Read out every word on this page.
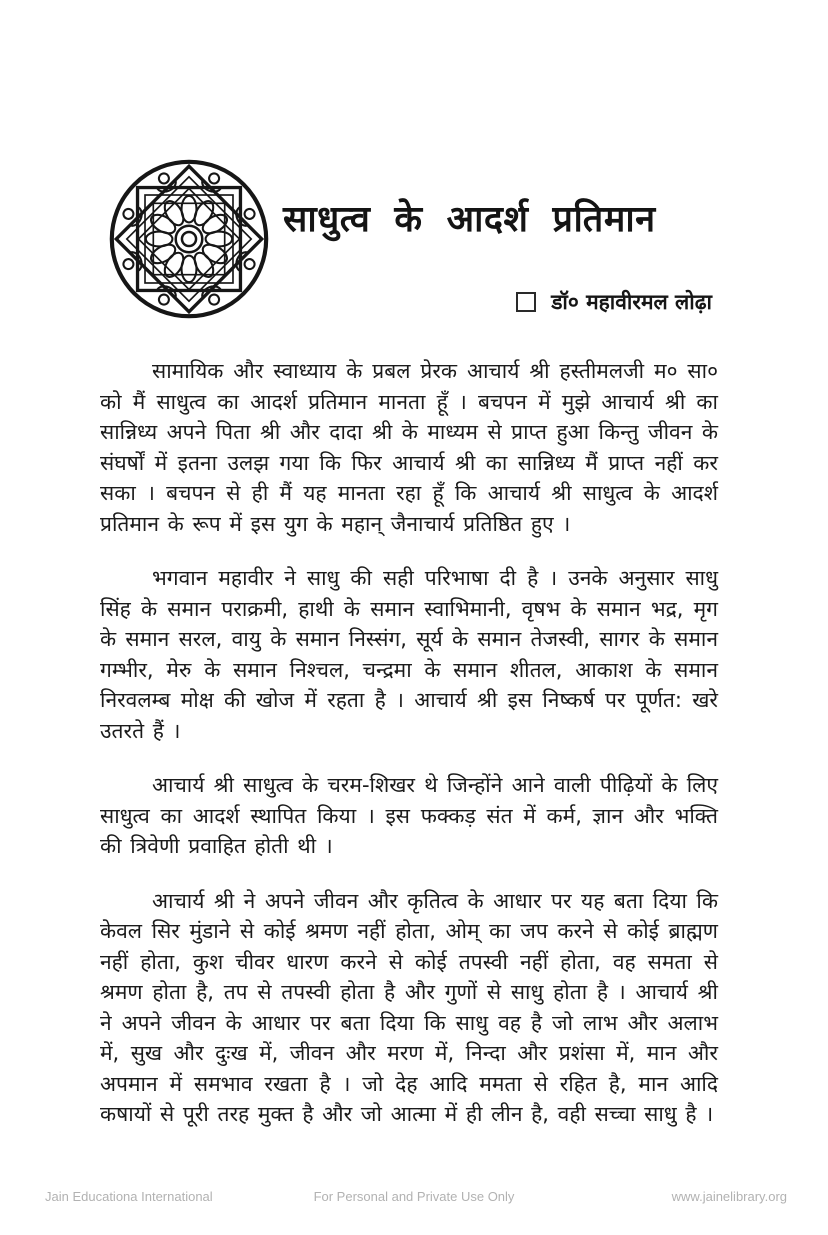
साधुत्व के आदर्श प्रतिमान
डॉ० महावीरमल लोढ़ा

सामायिक और स्वाध्याय के प्रबल प्रेरक आचार्य श्री हस्तीमलजी म० सा० को मैं साधुत्व का आदर्श प्रतिमान मानता हूँ । बचपन में मुझे आचार्य श्री का सान्निध्य अपने पिता श्री और दादा श्री के माध्यम से प्राप्त हुआ किन्तु जीवन के संघर्षों में इतना उलझ गया कि फिर आचार्य श्री का सान्निध्य मैं प्राप्त नहीं कर सका । बचपन से ही मैं यह मानता रहा हूँ कि आचार्य श्री साधुत्व के आदर्श प्रतिमान के रूप में इस युग के महान् जैनाचार्य प्रतिष्ठित हुए ।

भगवान महावीर ने साधु की सही परिभाषा दी है । उनके अनुसार साधु सिंह के समान पराक्रमी, हाथी के समान स्वाभिमानी, वृषभ के समान भद्र, मृग के समान सरल, वायु के समान निस्संग, सूर्य के समान तेजस्वी, सागर के समान गम्भीर, मेरु के समान निश्चल, चन्द्रमा के समान शीतल, आकाश के समान निरवलम्ब मोक्ष की खोज में रहता है । आचार्य श्री इस निष्कर्ष पर पूर्णत: खरे उतरते हैं ।

आचार्य श्री साधुत्व के चरम-शिखर थे जिन्होंने आने वाली पीढ़ियों के लिए साधुत्व का आदर्श स्थापित किया । इस फक्कड़ संत में कर्म, ज्ञान और भक्ति की त्रिवेणी प्रवाहित होती थी ।

आचार्य श्री ने अपने जीवन और कृतित्व के आधार पर यह बता दिया कि केवल सिर मुंडाने से कोई श्रमण नहीं होता, ओम् का जप करने से कोई ब्राह्मण नहीं होता, कुश चीवर धारण करने से कोई तपस्वी नहीं होता, वह समता से श्रमण होता है, तप से तपस्वी होता है और गुणों से साधु होता है । आचार्य श्री ने अपने जीवन के आधार पर बता दिया कि साधु वह है जो लाभ और अलाभ में, सुख और दुःख में, जीवन और मरण में, निन्दा और प्रशंसा में, मान और अपमान में समभाव रखता है । जो देह आदि ममता से रहित है, मान आदि कषायों से पूरी तरह मुक्त है और जो आत्मा में ही लीन है, वही सच्चा साधु है ।

Jain Educationa International	For Personal and Private Use Only	www.jainelibrary.org
